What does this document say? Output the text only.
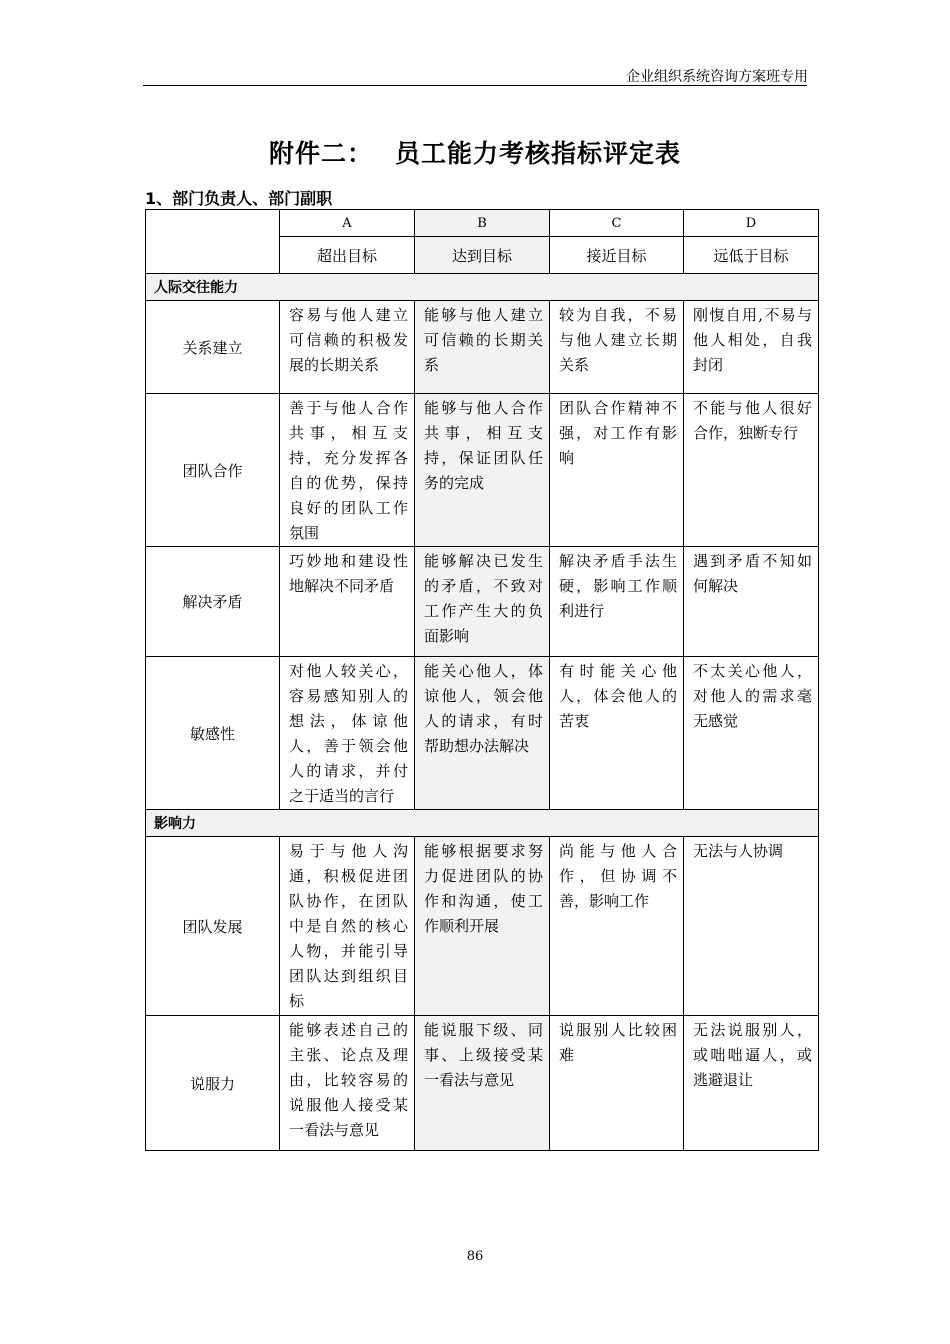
企业组织系统咨询方案班专用
附件二： 员工能力考核指标评定表
1、部门负责人、部门副职
	A	B	C	D
	超出目标	达到目标	接近目标	远低于目标
人际交往能力				
关系建立	容易与他人建立可信赖的积极发展的长期关系	能够与他人建立可信赖的长期关系	较为自我，不易与他人建立长期关系	刚愎自用,不易与他人相处，自我封闭
团队合作	善于与他人合作共事，相互支持，充分发挥各自的优势，保持良好的团队工作氛围	能够与他人合作共事，相互支持，保证团队任务的完成	团队合作精神不强，对工作有影响	不能与他人很好合作，独断专行
解决矛盾	巧妙地和建设性地解决不同矛盾	能够解决已发生的矛盾，不致对工作产生大的负面影响	解决矛盾手法生硬，影响工作顺利进行	遇到矛盾不知如何解决
敏感性	对他人较关心，容易感知别人的想法，体谅他人，善于领会他人的请求，并付之于适当的言行	能关心他人，体谅他人，领会他人的请求，有时帮助想办法解决	有时能关心他人，体会他人的苦衷	不太关心他人，对他人的需求毫无感觉
影响力				
团队发展	易于与他人沟通，积极促进团队协作，在团队中是自然的核心人物，并能引导团队达到组织目标	能够根据要求努力促进团队的协作和沟通，使工作顺利开展	尚能与他人合作，但协调不善，影响工作	无法与人协调
说服力	能够表述自己的主张、论点及理由，比较容易的说服他人接受某一看法与意见	能说服下级、同事、上级接受某一看法与意见	说服别人比较困难	无法说服别人，或咄咄逼人，或逃避退让
86
